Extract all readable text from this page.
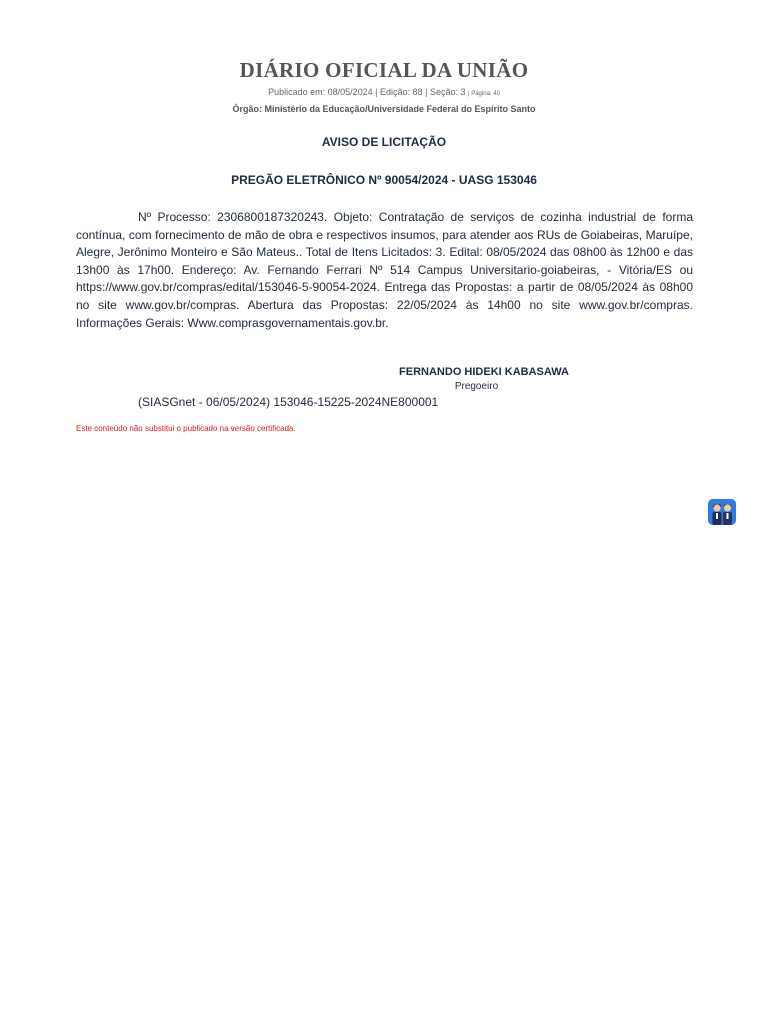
DIÁRIO OFICIAL DA UNIÃO
Publicado em: 08/05/2024 | Edição: 88 | Seção: 3 | Página: 40
Órgão: Ministério da Educação/Universidade Federal do Espírito Santo
AVISO DE LICITAÇÃO
PREGÃO ELETRÔNICO Nº 90054/2024 - UASG 153046

Nº Processo: 23068001873202​43. Objeto: Contratação de serviços de cozinha industrial de forma contínua, com fornecimento de mão de obra e respectivos insumos, para atender aos RUs de Goiabeiras, Maruípe, Alegre, Jerônimo Monteiro e São Mateus.. Total de Itens Licitados: 3. Edital: 08/05/2024 das 08h00 às 12h00 e das 13h00 às 17h00. Endereço: Av. Fernando Ferrari Nº 514 Campus Universitario-goiabeiras, - Vitória/ES ou https://www.gov.br/compras/edital/153046-5-90054-2024. Entrega das Propostas: a partir de 08/05/2024 às 08h00 no site www.gov.br/compras. Abertura das Propostas: 22/05/2024 às 14h00 no site www.gov.br/compras. Informações Gerais: Www.comprasgovernamentais.gov.br.

FERNANDO HIDEKI KABASAWA
Pregoeiro
(SIASGnet - 06/05/2024) 153046-15225-2024NE800001
Este conteúdo não substitui o publicado na versão certificada.
